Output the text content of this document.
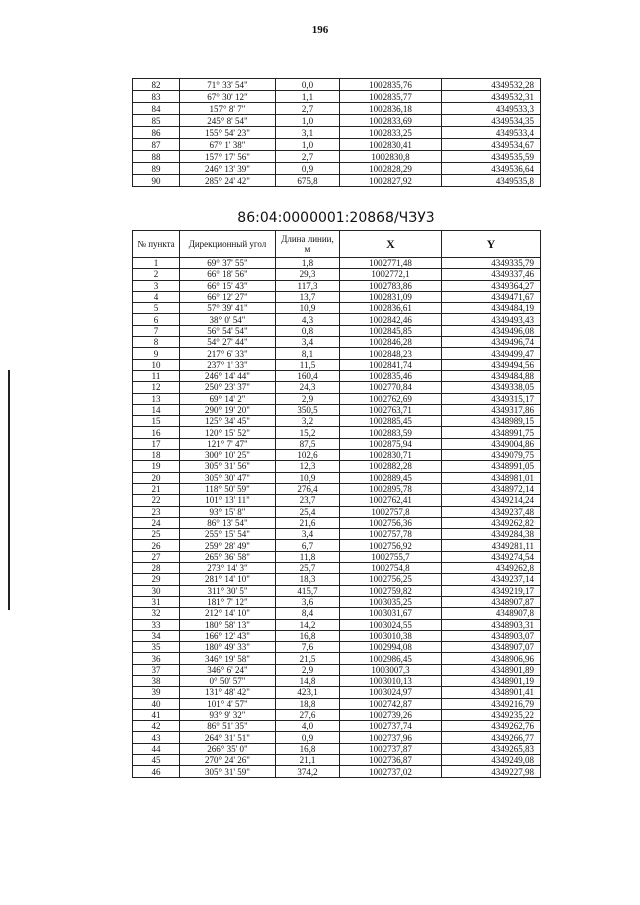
196
82	71° 33' 54"	0,0	1002835,76	4349532,28
83	67° 30' 12"	1,1	1002835,77	4349532,31
84	157° 8' 7"	2,7	1002836,18	4349533,3
85	245° 8' 54"	1,0	1002833,69	4349534,35
86	155° 54' 23"	3,1	1002833,25	4349533,4
87	67° 1' 38"	1,0	1002830,41	4349534,67
88	157° 17' 56"	2,7	1002830,8	4349535,59
89	246° 13' 39"	0,9	1002828,29	4349536,64
90	285° 24' 42"	675,8	1002827,92	4349535,8
86:04:0000001:20868/ЧЗУ3
№ пункта	Дирекционный угол	Длина линии, м	X	Y
1	69° 37' 55"	1,8	1002771,48	4349335,79
2	66° 18' 56"	29,3	1002772,1	4349337,46
3	66° 15' 43"	117,3	1002783,86	4349364,27
4	66° 12' 27"	13,7	1002831,09	4349471,67
5	57° 39' 41"	10,9	1002836,61	4349484,19
6	38° 0' 54"	4,3	1002842,46	4349493,43
7	56° 54' 54"	0,8	1002845,85	4349496,08
8	54° 27' 44"	3,4	1002846,28	4349496,74
9	217° 6' 33"	8,1	1002848,23	4349499,47
10	237° 1' 33"	11,5	1002841,74	4349494,56
11	246° 14' 44"	160,4	1002835,46	4349484,88
12	250° 23' 37"	24,3	1002770,84	4349338,05
13	69° 14' 2"	2,9	1002762,69	4349315,17
14	290° 19' 20"	350,5	1002763,71	4349317,86
15	125° 34' 45"	3,2	1002885,45	4348989,15
16	120° 15' 52"	15,2	1002883,59	4348991,75
17	121° 7' 47"	87,5	1002875,94	4349004,86
18	300° 10' 25"	102,6	1002830,71	4349079,75
19	305° 31' 56"	12,3	1002882,28	4348991,05
20	305° 30' 47"	10,9	1002889,45	4348981,01
21	118° 50' 59"	276,4	1002895,78	4348972,14
22	101° 13' 11"	23,7	1002762,41	4349214,24
23	93° 15' 8"	25,4	1002757,8	4349237,48
24	86° 13' 54"	21,6	1002756,36	4349262,82
25	255° 15' 54"	3,4	1002757,78	4349284,38
26	259° 28' 49"	6,7	1002756,92	4349281,11
27	265° 36' 58"	11,8	1002755,7	4349274,54
28	273° 14' 3"	25,7	1002754,8	4349262,8
29	281° 14' 10"	18,3	1002756,25	4349237,14
30	311° 30' 5"	415,7	1002759,82	4349219,17
31	181° 7' 12"	3,6	1003035,25	4348907,87
32	212° 14' 10"	8,4	1003031,67	4348907,8
33	180° 58' 13"	14,2	1003024,55	4348903,31
34	166° 12' 43"	16,8	1003010,38	4348903,07
35	180° 49' 33"	7,6	1002994,08	4348907,07
36	346° 19' 58"	21,5	1002986,45	4348906,96
37	346° 6' 24"	2,9	1003007,3	4348901,89
38	0° 50' 57"	14,8	1003010,13	4348901,19
39	131° 48' 42"	423,1	1003024,97	4348901,41
40	101° 4' 57"	18,8	1002742,87	4349216,79
41	93° 9' 32"	27,6	1002739,26	4349235,22
42	86° 51' 35"	4,0	1002737,74	4349262,76
43	264° 31' 51"	0,9	1002737,96	4349266,77
44	266° 35' 0"	16,8	1002737,87	4349265,83
45	270° 24' 26"	21,1	1002736,87	4349249,08
46	305° 31' 59"	374,2	1002737,02	4349227,98
